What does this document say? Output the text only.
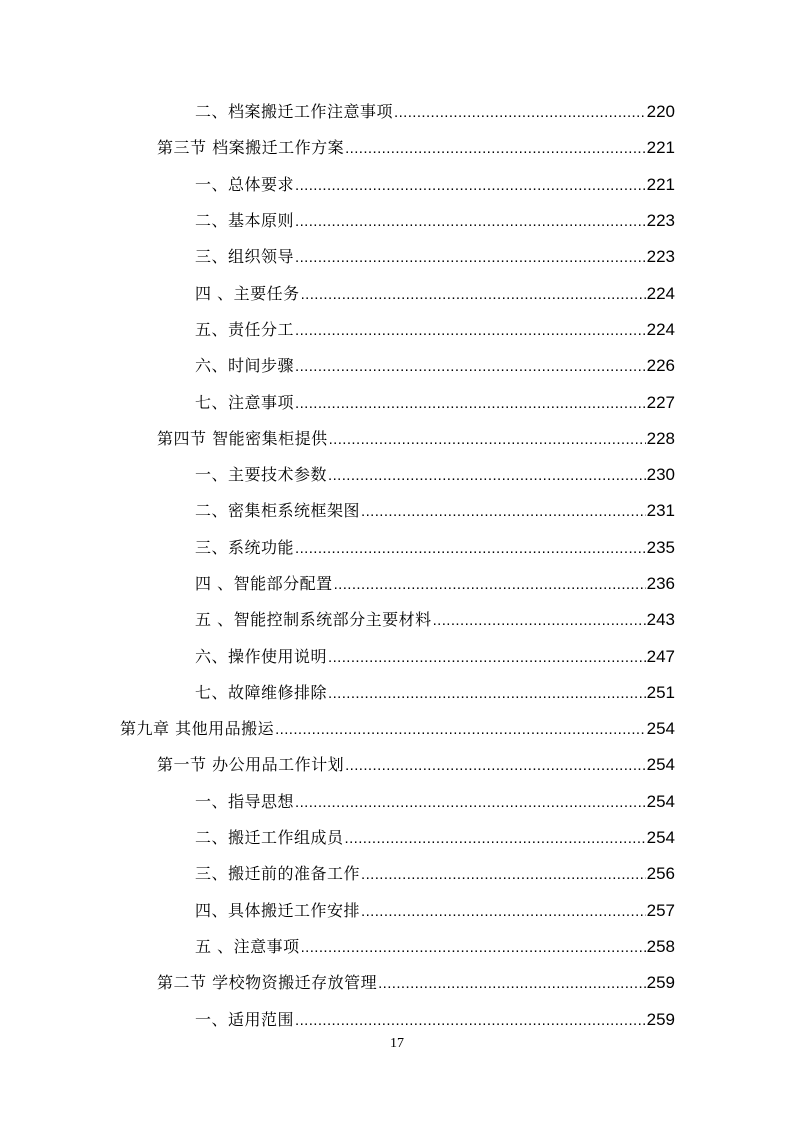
二、档案搬迁工作注意事项 .....	220
第三节 档案搬迁工作方案 .....	221
一、总体要求 .....	221
二、基本原则 .....	223
三、组织领导 .....	223
四 、主要任务 .....	224
五、责任分工 .....	224
六、时间步骤 .....	226
七、注意事项 .....	227
第四节 智能密集柜提供 .....	228
一、主要技术参数 .....	230
二、密集柜系统框架图 .....	231
三、系统功能 .....	235
四 、智能部分配置 .....	236
五 、智能控制系统部分主要材料 .....	243
六、操作使用说明 .....	247
七、故障维修排除 .....	251
第九章 其他用品搬运 .....	254
第一节 办公用品工作计划 .....	254
一、指导思想 .....	254
二、搬迁工作组成员 .....	254
三、搬迁前的准备工作 .....	256
四、具体搬迁工作安排 .....	257
五 、注意事项 .....	258
第二节 学校物资搬迁存放管理 .....	259
一、适用范围 .....	259
17
